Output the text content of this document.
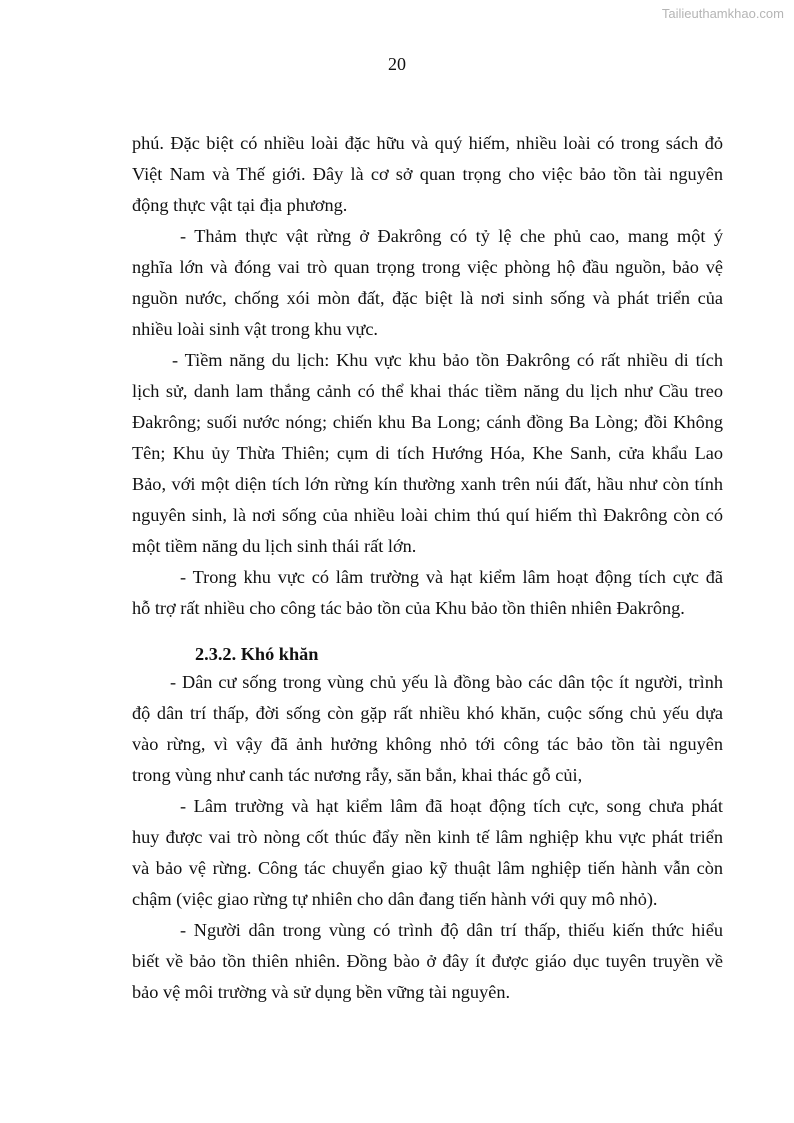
Tailieuthamkhao.com
20
phú. Đặc biệt có nhiều loài đặc hữu và quý hiếm, nhiều loài có trong sách đỏ
Việt Nam và Thế giới. Đây là cơ sở quan trọng cho việc bảo tồn tài nguyên
động thực vật tại địa phương.
- Thảm thực vật rừng ở Đakrông có tỷ lệ che phủ cao, mang một ý
nghĩa lớn và đóng vai trò quan trọng trong việc phòng hộ đầu nguồn, bảo vệ
nguồn nước, chống xói mòn đất, đặc biệt là nơi sinh sống và phát triển của
nhiều loài sinh vật trong khu vực.
- Tiềm năng du lịch: Khu vực khu bảo tồn Đakrông có rất nhiều di tích
lịch sử, danh lam thắng cảnh có thể khai thác tiềm năng du lịch như Cầu treo
Đakrông; suối nước nóng; chiến khu Ba Long; cánh đồng Ba Lòng; đồi Không
Tên; Khu ủy Thừa Thiên; cụm di tích Hướng Hóa, Khe Sanh, cửa khẩu Lao
Bảo, với một diện tích lớn rừng kín thường xanh trên núi đất, hầu như còn tính
nguyên sinh, là nơi sống của nhiều loài chim thú quí hiếm thì Đakrông còn có
một tiềm năng du lịch sinh thái rất lớn.
- Trong khu vực có lâm trường và hạt kiểm lâm hoạt động tích cực đã
hỗ trợ rất nhiều cho công tác bảo tồn của Khu bảo tồn thiên nhiên Đakrông.
2.3.2. Khó khăn
- Dân cư sống trong vùng chủ yếu là đồng bào các dân tộc ít người, trình
độ dân trí thấp, đời sống còn gặp rất nhiều khó khăn, cuộc sống chủ yếu dựa
vào rừng, vì vậy đã ảnh hưởng không nhỏ tới công tác bảo tồn tài nguyên
trong vùng như canh tác nương rẫy, săn bắn, khai thác gỗ củi,
- Lâm trường và hạt kiểm lâm đã hoạt động tích cực, song chưa phát
huy được vai trò nòng cốt thúc đẩy nền kinh tế lâm nghiệp khu vực phát triển
và bảo vệ rừng. Công tác chuyển giao kỹ thuật lâm nghiệp tiến hành vẫn còn
chậm (việc giao rừng tự nhiên cho dân đang tiến hành với quy mô nhỏ).
- Người dân trong vùng có trình độ dân trí thấp, thiếu kiến thức hiểu
biết về bảo tồn thiên nhiên. Đồng bào ở đây ít được giáo dục tuyên truyền về
bảo vệ môi trường và sử dụng bền vững tài nguyên.
